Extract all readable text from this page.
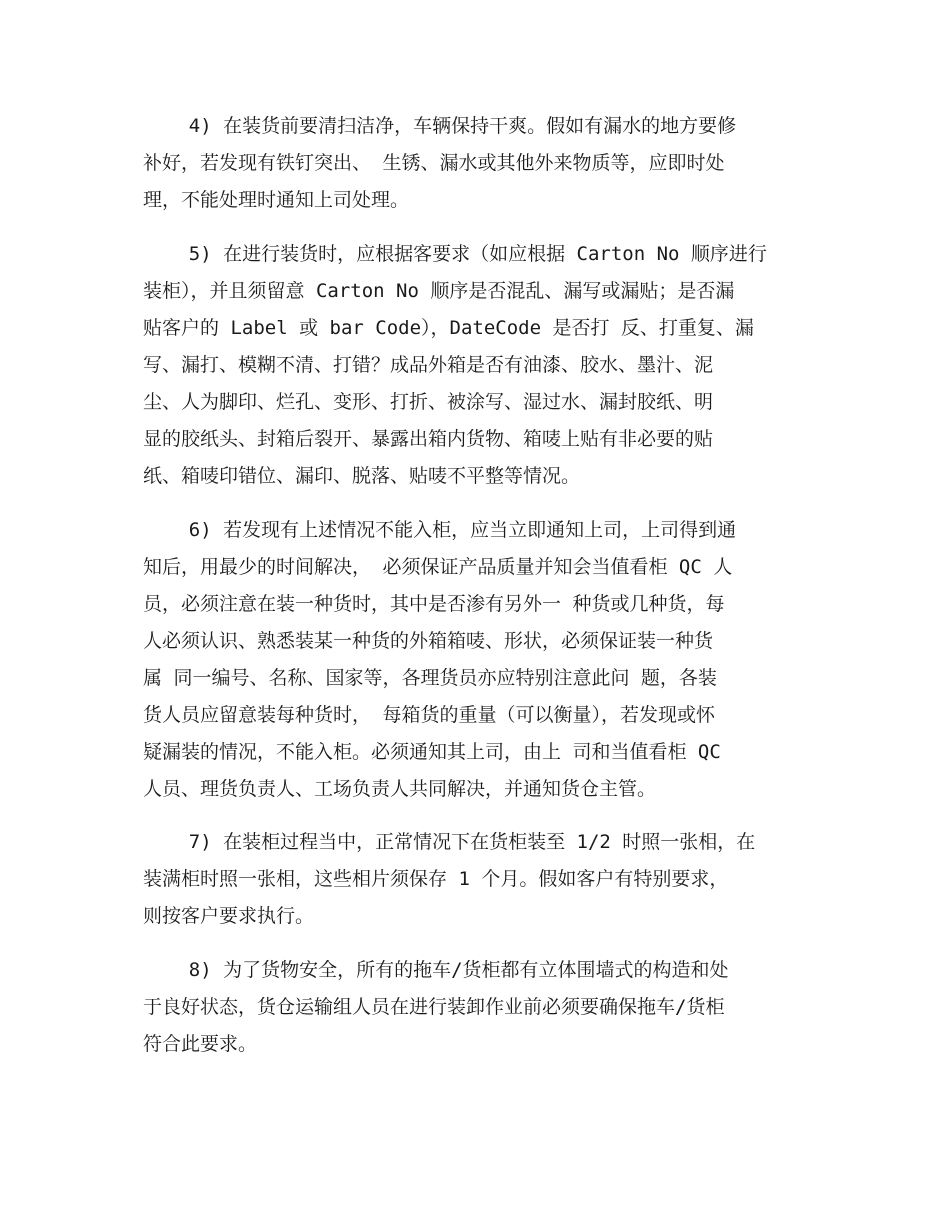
4) 在装货前要清扫洁净，车辆保持干爽。假如有漏水的地方要修
补好，若发现有铁钉突出、 生锈、漏水或其他外来物质等，应即时处
理，不能处理时通知上司处理。
5) 在进行装货时，应根据客要求（如应根据 Carton No 顺序进行
装柜），并且须留意 Carton No 顺序是否混乱、漏写或漏贴；是否漏
贴客户的 Label 或 bar Code），DateCode 是否打 反、打重复、漏
写、漏打、模糊不清、打错？成品外箱是否有油漆、胶水、墨汁、泥
尘、人为脚印、烂孔、变形、打折、被涂写、湿过水、漏封胶纸、明
显的胶纸头、封箱后裂开、暴露出箱内货物、箱唛上贴有非必要的贴
纸、箱唛印错位、漏印、脱落、贴唛不平整等情况。
6) 若发现有上述情况不能入柜，应当立即通知上司，上司得到通
知后，用最少的时间解决， 必须保证产品质量并知会当值看柜 QC 人
员，必须注意在装一种货时，其中是否渗有另外一 种货或几种货，每
人必须认识、熟悉装某一种货的外箱箱唛、形状，必须保证装一种货
属 同一编号、名称、国家等，各理货员亦应特别注意此问 题，各装
货人员应留意装每种货时， 每箱货的重量（可以衡量），若发现或怀
疑漏装的情况，不能入柜。必须通知其上司，由上 司和当值看柜 QC
人员、理货负责人、工场负责人共同解决，并通知货仓主管。
7) 在装柜过程当中，正常情况下在货柜装至 1/2 时照一张相，在
装满柜时照一张相，这些相片须保存 1 个月。假如客户有特别要求，
则按客户要求执行。
8) 为了货物安全，所有的拖车/货柜都有立体围墙式的构造和处
于良好状态，货仓运输组人员在进行装卸作业前必须要确保拖车/货柜
符合此要求。
